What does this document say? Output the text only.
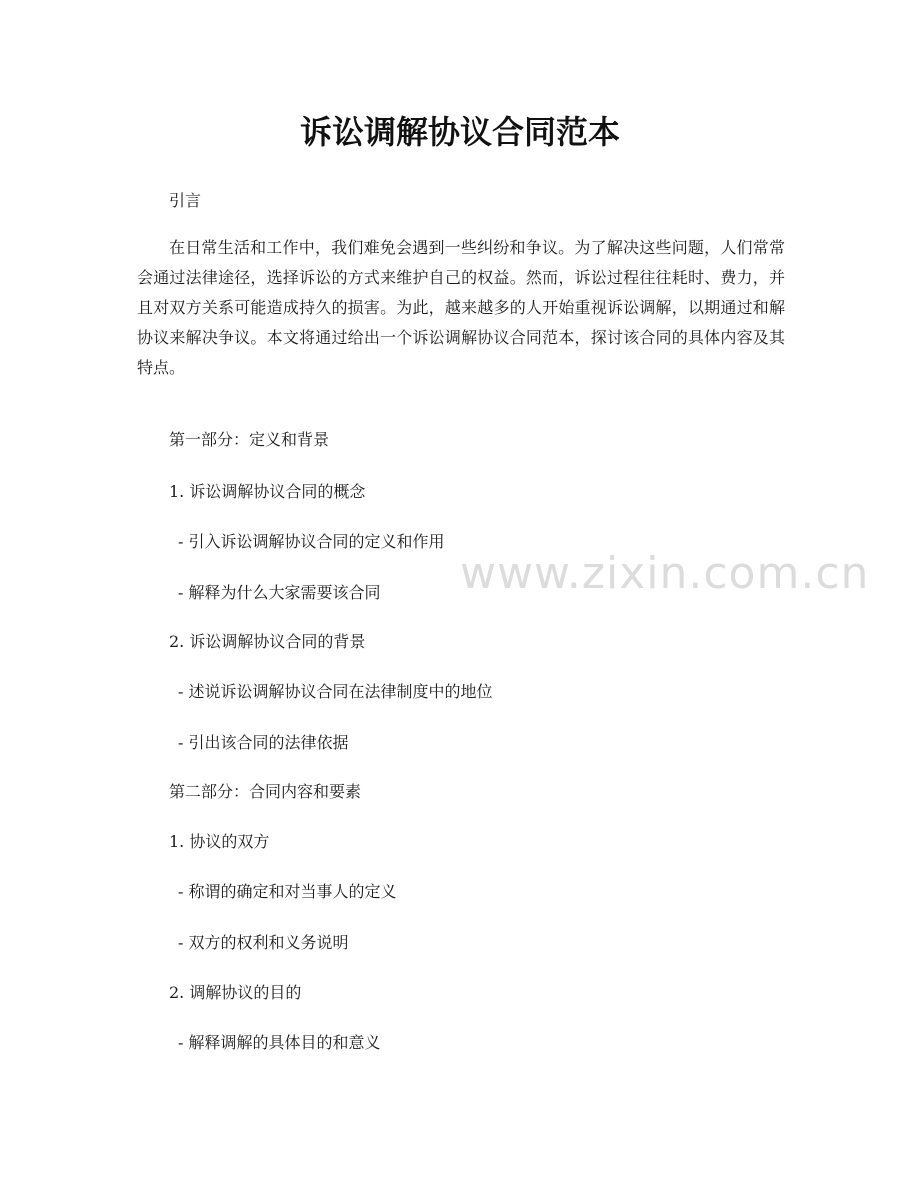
www.zixin.com.cn
诉讼调解协议合同范本
引言
在日常生活和工作中，我们难免会遇到一些纠纷和争议。为了解决这些问题，人们常常会通过法律途径，选择诉讼的方式来维护自己的权益。然而，诉讼过程往往耗时、费力，并且对双方关系可能造成持久的损害。为此，越来越多的人开始重视诉讼调解，以期通过和解协议来解决争议。本文将通过给出一个诉讼调解协议合同范本，探讨该合同的具体内容及其特点。
第一部分：定义和背景
1. 诉讼调解协议合同的概念
- 引入诉讼调解协议合同的定义和作用
- 解释为什么大家需要该合同
2. 诉讼调解协议合同的背景
- 述说诉讼调解协议合同在法律制度中的地位
- 引出该合同的法律依据
第二部分：合同内容和要素
1. 协议的双方
- 称谓的确定和对当事人的定义
- 双方的权利和义务说明
2. 调解协议的目的
- 解释调解的具体目的和意义
